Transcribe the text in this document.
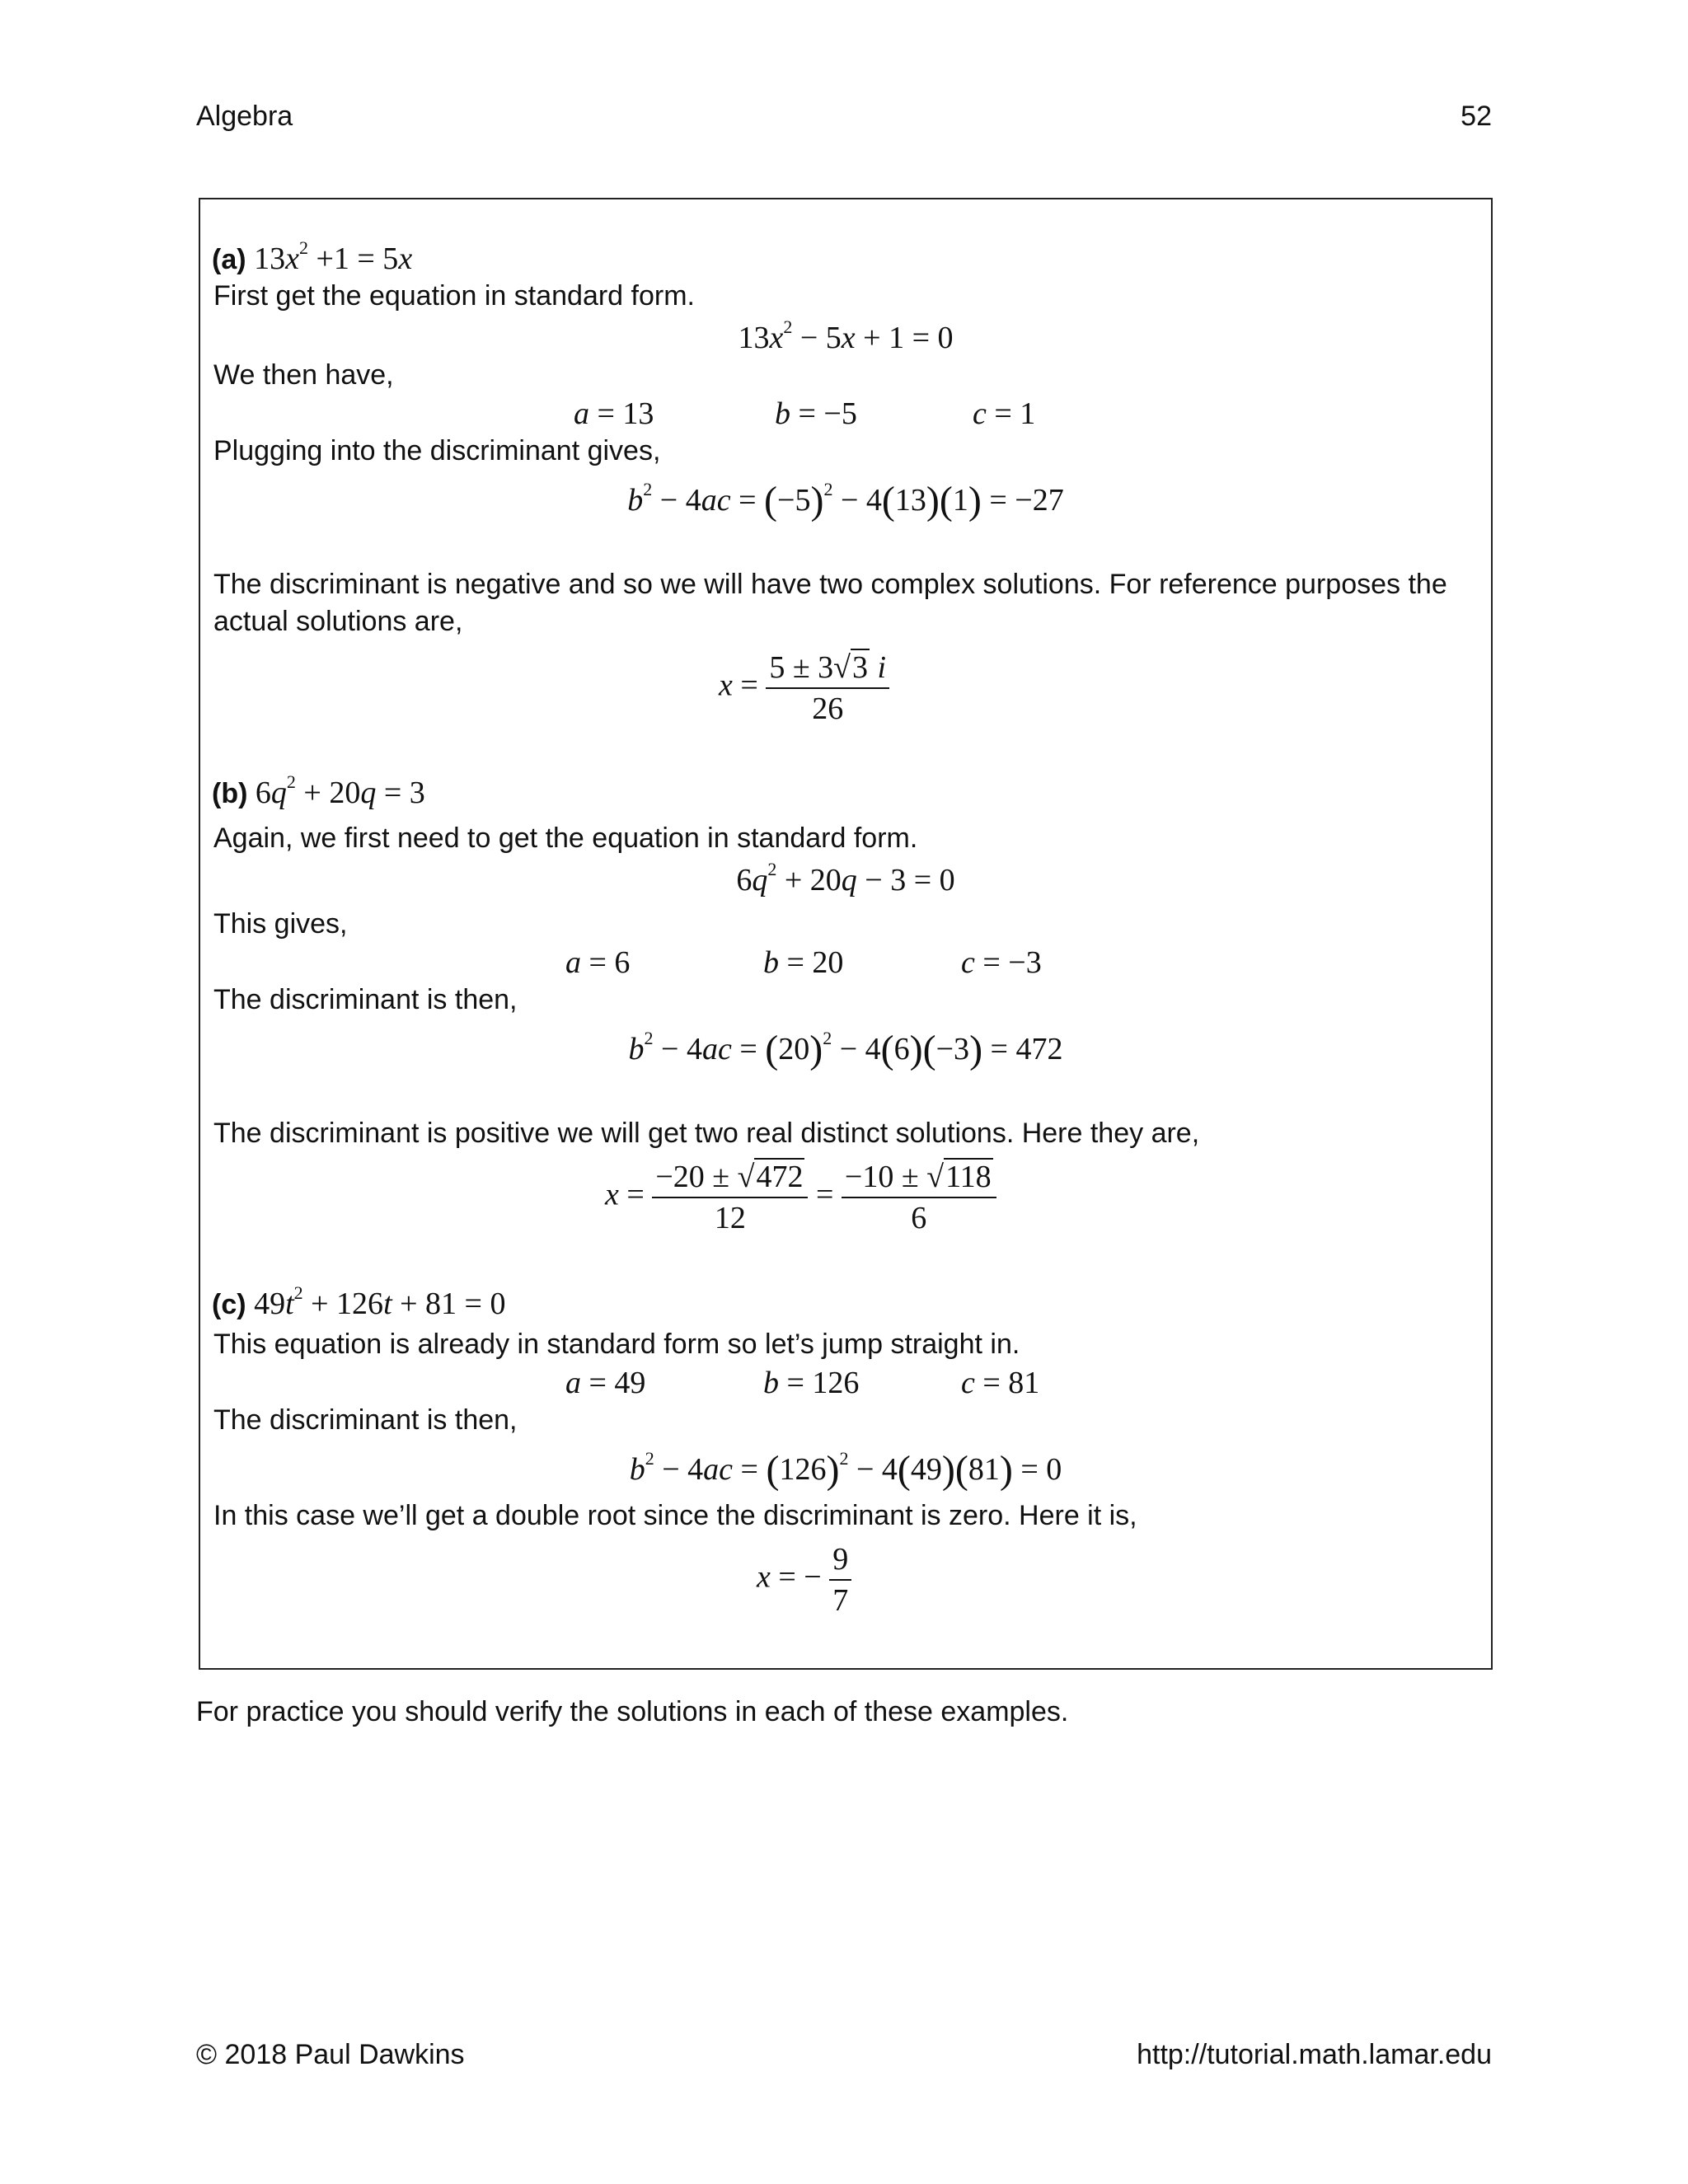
Algebra	52
(a) $13x^2 +1 = 5x$
First get the equation in standard form.
$13x^2 - 5x + 1 = 0$
We then have,
a = 13	b = −5	c = 1
Plugging into the discriminant gives,
$b^2 - 4ac = (-5)^2 - 4(13)(1) = -27$
The discriminant is negative and so we will have two complex solutions. For reference purposes the
actual solutions are,
$x = \frac{5 \pm 3√3 i}{26}$
(b) $6q^2 + 20q = 3$
Again, we first need to get the equation in standard form.
$6q^2 + 20q - 3 = 0$
This gives,
a = 6	b = 20	c = −3
The discriminant is then,
$b^2 - 4ac = (20)^2 - 4(6)(-3) = 472$
The discriminant is positive we will get two real distinct solutions. Here they are,
$x = \frac{-20 \pm √472}{12} = \frac{-10 \pm √118}{6}$
(c) $49t^2 + 126t + 81 = 0$
This equation is already in standard form so let’s jump straight in.
a = 49	b = 126	c = 81
The discriminant is then,
$b^2 - 4ac = (126)^2 - 4(49)(81) = 0$
In this case we’ll get a double root since the discriminant is zero. Here it is,
x = − $\frac{9}{7}$
For practice you should verify the solutions in each of these examples.
© 2018 Paul Dawkins	http://tutorial.math.lamar.edu
